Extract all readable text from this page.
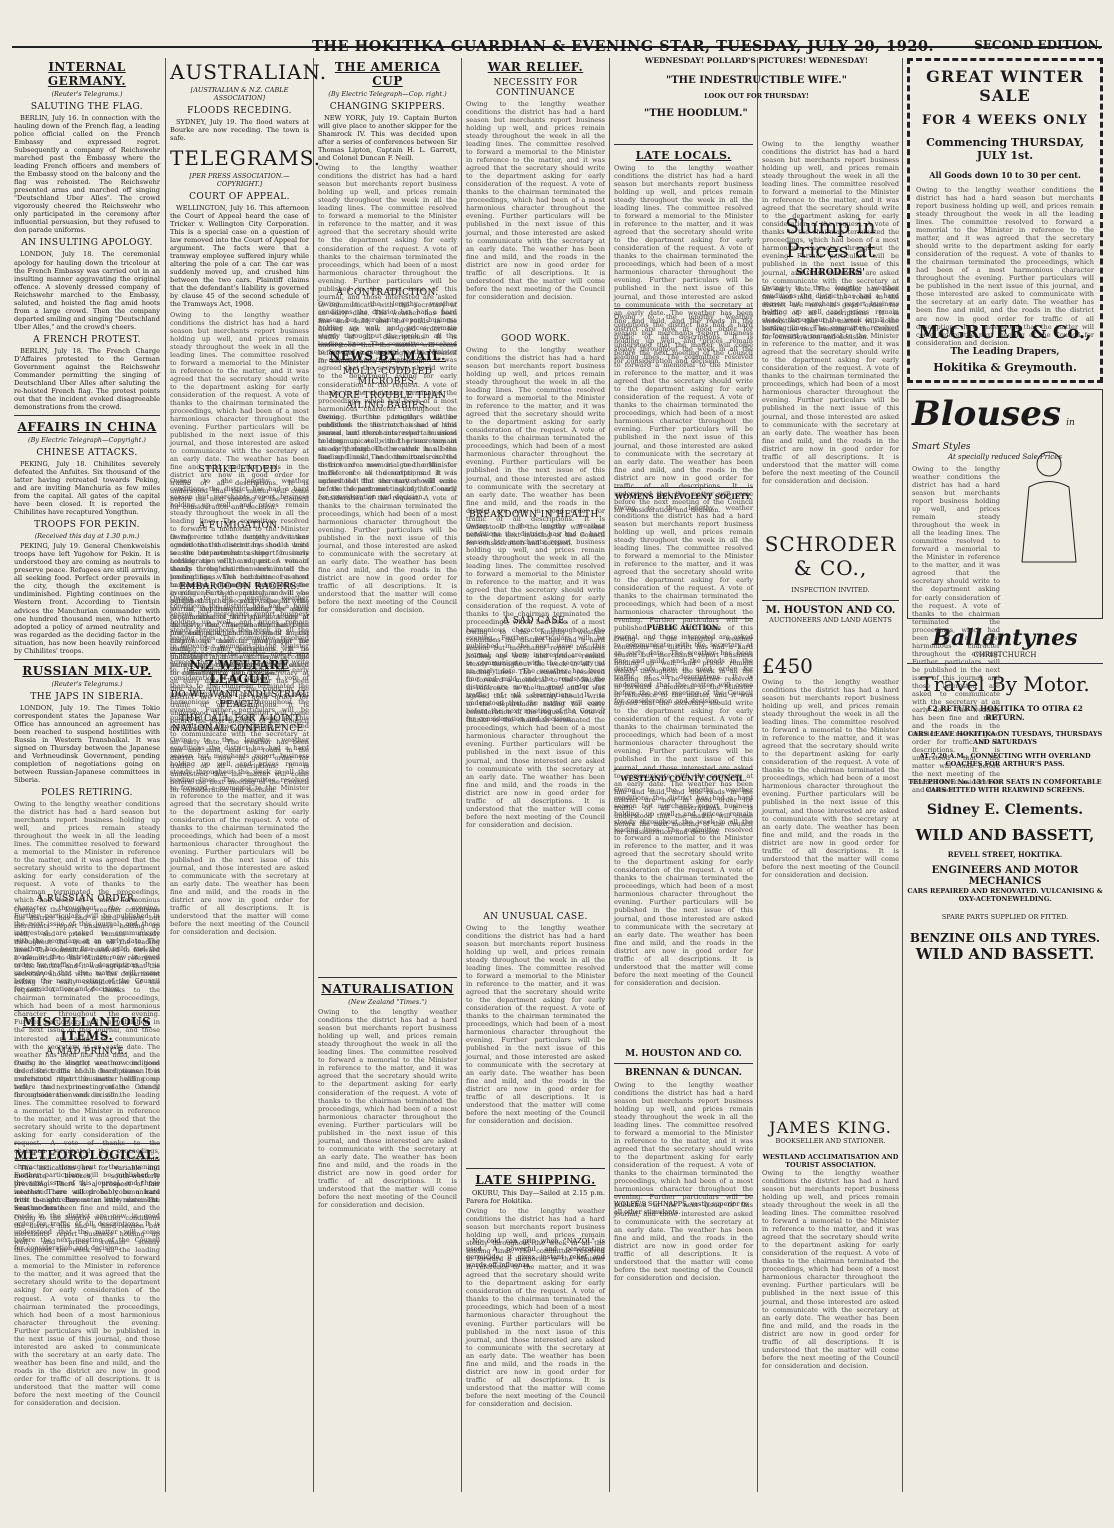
THE HOKITIKA GUARDIAN & EVENING STAR, TUESDAY, JULY 20, 1920.	SECOND EDITION.
INTERNAL GERMANY.
(Reuter's Telegrams.)
SALUTING THE FLAG.

BERLIN, July 16. In connection with the hauling down of the French flag, a leading police official called on the French Embassy and expressed regret. Subsequently a company of Reichswehr marched past the Embassy where the leading French officers and members of the Embassy stood on the balcony and the flag was rehoisted. The Reichswehr presented arms and marched off singing "Deutschland Uber Alles". The crowd vigorously cheered the Reichswehr who only participated in the ceremony after influential persuasion, but they refused to don parade uniforms.

AN INSULTING APOLOGY.

LONDON, July 18. The ceremonial apology for hauling down the tricolour at the French Embassy was carried out in an insulting manner aggravating the original offence. A slovenly dressed company of Reichswehr marched to the Embassy, saluted, and hoisted the flag amid hoots from a large crowd. Then the company departed smiling and singing "Deutschland Uber Alles," and the crowd's cheers.

A FRENCH PROTEST.

BERLIN, July 18. The French Charge D'Affaires protested to the German Government against the Reichswehr Commander permitting the singing of Deutschland Uber Alles after saluting the re-hoisted French flag. The protest points out that the incident evoked disagreeable demonstrations from the crowd.

AFFAIRS IN CHINA
(By Electric Telegraph—Copyright.)
CHINESE ATTACKS.

PEKING, July 18. Chihilites severely defeated the Anfuites. Six thousand of the latter having retreated towards Peking, and are inviting Manchuria as few miles from the capital. All gates of the capital have been closed. It is reported the Chihilites have recaptured Yongthun.

TROOPS FOR PEKIN.
(Received this day at 1.30 p.m.)

PEKING, July 19. General Chenkweishis troops have left Yugohow for Pekin. It is understood they are coming as neutrals to preserve peace. Refugees are still arriving, all seeking food. Perfect order prevails in the city, though the excitement is undiminished. Fighting continues on the Western front. According to Tientsin advices the Manchurian commander with one hundred thousand men, who hitherto adopted a policy of armed neutrality and was regarded as the deciding factor in the situation, has now been heavily reinforced by Chihilites' troops.

RUSSIAN MIX-UP.
(Reuter's Telegrams.)
THE JAPS IN SIBERIA.

LONDON, July 19. The Times Tokio correspondent states the Japanese War Office has announced an agreement has been reached to suspend hostilities with Russia in Western Transbaikal. It was signed on Thursday between the Japanese and Verhneudinsk Government, pending completion of negotiations going on between Russian-Japanese committees in Siberia.

POLES RETIRING.
Owing to the lengthy weather conditions the district has had a hard season but merchants report business holding up well, and prices remain steady throughout the week in all the leading lines. The committee resolved to forward a memorial to the Minister in reference to the matter, and it was agreed that the secretary should write to the department asking for early consideration of the request. A vote of thanks to the chairman terminated the proceedings, which had been of a most harmonious character throughout the evening. Further particulars will be published in the next issue of this journal, and those interested are asked to communicate with the secretary at an early date. The weather has been fine and mild, and the roads in the district are now in good order for traffic of all descriptions. It is understood that the matter will come before the next meeting of the Council for consideration and decision.
A RUSSIAN ORDER.
Owing to the lengthy weather conditions the district has had a hard season but merchants report business holding up well, and prices remain steady throughout the week in all the leading lines. The committee resolved to forward a memorial to the Minister in reference to the matter, and it was agreed that the secretary should write to the department asking for early consideration of the request. A vote of thanks to the chairman terminated the proceedings, which had been of a most harmonious character throughout the evening. Further particulars will be published in the next issue of this journal, and those interested are asked to communicate with the secretary at an early date. The weather has been fine and mild, and the roads in the district are now in good order for traffic of all descriptions. It is understood that the matter will come before the next meeting of the Council for consideration and decision.
MISCELLANEOUS ITEMS.
A MAD PRINCE.
Owing to the lengthy weather conditions the district has had a hard season but merchants report business holding up well, and prices remain steady throughout the week in all the leading lines. The committee resolved to forward a memorial to the Minister in reference to the matter, and it was agreed that the secretary should write to the department asking for early consideration of the request. A vote of thanks to the chairman terminated the proceedings, which had been of a most harmonious character throughout the evening. Further particulars will be published in the next issue of this journal, and those interested are asked to communicate with the secretary at an early date. The weather has been fine and mild, and the roads in the district are now in good order for traffic of all descriptions. It is understood that the matter will come before the next meeting of the Council for consideration and decision.
METEOROLOGICAL.

The indications are for variable and moderate breezes, south-westerly prevailing. There is a prospect of fair weather. There will probably be a hard frost to-night. Barometer little movement. Seas moderate.

Owing to the lengthy weather conditions the district has had a hard season but merchants report business holding up well, and prices remain steady throughout the week in all the leading lines. The committee resolved to forward a memorial to the Minister in reference to the matter, and it was agreed that the secretary should write to the department asking for early consideration of the request. A vote of thanks to the chairman terminated the proceedings, which had been of a most harmonious character throughout the evening. Further particulars will be published in the next issue of this journal, and those interested are asked to communicate with the secretary at an early date. The weather has been fine and mild, and the roads in the district are now in good order for traffic of all descriptions. It is understood that the matter will come before the next meeting of the Council for consideration and decision.
AUSTRALIAN.
[AUSTRALIAN & N.Z. CABLE ASSOCIATION]
FLOODS RECEDING.

SYDNEY, July 19. The flood waters at Bourke are now receding. The town is safe.

TELEGRAMS.
[PER PRESS ASSOCIATION.—COPYRIGHT.]
COURT OF APPEAL.

WELLINGTON, July 16. This afternoon the Court of Appeal heard the case of Tricker v. Wellington City Corporation. This is a special case on a question of law removed into the Court of Appeal for argument. The facts were that a tramway employee suffered injury while altering the pole of a car. The car was suddenly moved up, and crushed him between the two cars. Plaintiff claims that the defendant's liability is governed by clause 45 of the second schedule of the Tramways Act, 1908.

Owing to the lengthy weather conditions the district has had a hard season but merchants report business holding up well, and prices remain steady throughout the week in all the leading lines. The committee resolved to forward a memorial to the Minister in reference to the matter, and it was agreed that the secretary should write to the department asking for early consideration of the request. A vote of thanks to the chairman terminated the proceedings, which had been of a most harmonious character throughout the evening. Further particulars will be published in the next issue of this journal, and those interested are asked to communicate with the secretary at an early date. The weather has been fine and mild, and the roads in the district are now in good order for traffic of all descriptions. It is understood that the matter will come before the next meeting of the Council for consideration and decision.
STRIKE ENDED.
Owing to the lengthy weather conditions the district has had a hard season but merchants report business holding up well, and prices remain steady throughout the week in all the leading lines. The committee resolved to forward a memorial to the Minister in reference to the matter, and it was agreed that the secretary should write to the department asking for early consideration of the request. A vote of thanks to the chairman terminated the proceedings, which had been of a most harmonious character throughout the evening. Further particulars will be published in the next issue of this journal, and those interested are asked to communicate with the secretary at an early date. The weather has been fine and mild, and the roads in the district are now in good order for traffic of all descriptions. It is understood that the matter will come before the next meeting of the Council for consideration and decision.
A FUMIGATION.
Owing to the lengthy weather conditions the district has had a hard season but merchants report business holding up well, and prices remain steady throughout the week in all the leading lines. The committee resolved to forward a memorial to the Minister in reference to the matter, and it was agreed that the secretary should write to the department asking for early consideration of the request. A vote of thanks to the chairman terminated the proceedings, which had been of a most harmonious character throughout the evening. Further particulars will be published in the next issue of this journal, and those interested are asked to communicate with the secretary at an early date. The weather has been fine and mild, and the roads in the district are now in good order for traffic of all descriptions. It is understood that the matter will come before the next meeting of the Council for consideration and decision.
EMBARGO ON RACERS.
Owing to the lengthy weather conditions the district has had a hard season but merchants report business holding up well, and prices remain steady throughout the week in all the leading lines. The committee resolved to forward a memorial to the Minister in reference to the matter, and it was agreed that the secretary should write to the department asking for early consideration of the request. A vote of thanks to the chairman terminated the proceedings, which had been of a most harmonious character throughout the evening. Further particulars will be published in the next issue of this journal, and those interested are asked to communicate with the secretary at an early date. The weather has been fine and mild, and the roads in the district are now in good order for traffic of all descriptions. It is understood that the matter will come before the next meeting of the Council for consideration and decision.
N.Z WELFARE LEAGUE
DO WE WANT INDUSTRIAL PEACE?
THE CALL FOR A JOINT NATIONAL CONFERENCE.
Owing to the lengthy weather conditions the district has had a hard season but merchants report business holding up well, and prices remain steady throughout the week in all the leading lines. The committee resolved to forward a memorial to the Minister in reference to the matter, and it was agreed that the secretary should write to the department asking for early consideration of the request. A vote of thanks to the chairman terminated the proceedings, which had been of a most harmonious character throughout the evening. Further particulars will be published in the next issue of this journal, and those interested are asked to communicate with the secretary at an early date. The weather has been fine and mild, and the roads in the district are now in good order for traffic of all descriptions. It is understood that the matter will come before the next meeting of the Council for consideration and decision.
THE AMERICA CUP
(By Electric Telegraph—Cop. right.)
CHANGING SKIPPERS.

NEW YORK, July 19. Captain Burton will give place to another skipper for the Shamrock IV. This was decided upon after a series of conferences between Sir Thomas Lipton, Captain H. L. Garrett, and Colonel Duncan F. Neill.

Owing to the lengthy weather conditions the district has had a hard season but merchants report business holding up well, and prices remain steady throughout the week in all the leading lines. The committee resolved to forward a memorial to the Minister in reference to the matter, and it was agreed that the secretary should write to the department asking for early consideration of the request. A vote of thanks to the chairman terminated the proceedings, which had been of a most harmonious character throughout the evening. Further particulars will be published in the next issue of this journal, and those interested are asked to communicate with the secretary at an early date. The weather has been fine and mild, and the roads in the district are now in good order for traffic of all descriptions. It is understood that the matter will come before the next meeting of the Council for consideration and decision.
A CONTRADICTION.
Owing to the lengthy weather conditions the district has had a hard season but merchants report business holding up well, and prices remain steady throughout the week in all the leading lines. The committee resolved to forward a memorial to the Minister in reference to the matter, and it was agreed that the secretary should write to the department asking for early consideration of the request. A vote of thanks to the chairman terminated the proceedings, which had been of a most harmonious character throughout the evening. Further particulars will be published in the next issue of this journal, and those interested are asked to communicate with the secretary at an early date. The weather has been fine and mild, and the roads in the district are now in good order for traffic of all descriptions. It is understood that the matter will come before the next meeting of the Council for consideration and decision.
NEWS BY MAIL.
MOLLY-CODDLED MICROBES.
MORE TROUBLE THAN AILING BABIES.
Owing to the lengthy weather conditions the district has had a hard season but merchants report business holding up well, and prices remain steady throughout the week in all the leading lines. The committee resolved to forward a memorial to the Minister in reference to the matter, and it was agreed that the secretary should write to the department asking for early consideration of the request. A vote of thanks to the chairman terminated the proceedings, which had been of a most harmonious character throughout the evening. Further particulars will be published in the next issue of this journal, and those interested are asked to communicate with the secretary at an early date. The weather has been fine and mild, and the roads in the district are now in good order for traffic of all descriptions. It is understood that the matter will come before the next meeting of the Council for consideration and decision.
NATURALISATION
(New Zealand "Times.")
Owing to the lengthy weather conditions the district has had a hard season but merchants report business holding up well, and prices remain steady throughout the week in all the leading lines. The committee resolved to forward a memorial to the Minister in reference to the matter, and it was agreed that the secretary should write to the department asking for early consideration of the request. A vote of thanks to the chairman terminated the proceedings, which had been of a most harmonious character throughout the evening. Further particulars will be published in the next issue of this journal, and those interested are asked to communicate with the secretary at an early date. The weather has been fine and mild, and the roads in the district are now in good order for traffic of all descriptions. It is understood that the matter will come before the next meeting of the Council for consideration and decision.
WAR RELIEF.
NECESSITY FOR CONTINUANCE
Owing to the lengthy weather conditions the district has had a hard season but merchants report business holding up well, and prices remain steady throughout the week in all the leading lines. The committee resolved to forward a memorial to the Minister in reference to the matter, and it was agreed that the secretary should write to the department asking for early consideration of the request. A vote of thanks to the chairman terminated the proceedings, which had been of a most harmonious character throughout the evening. Further particulars will be published in the next issue of this journal, and those interested are asked to communicate with the secretary at an early date. The weather has been fine and mild, and the roads in the district are now in good order for traffic of all descriptions. It is understood that the matter will come before the next meeting of the Council for consideration and decision.
GOOD WORK.
Owing to the lengthy weather conditions the district has had a hard season but merchants report business holding up well, and prices remain steady throughout the week in all the leading lines. The committee resolved to forward a memorial to the Minister in reference to the matter, and it was agreed that the secretary should write to the department asking for early consideration of the request. A vote of thanks to the chairman terminated the proceedings, which had been of a most harmonious character throughout the evening. Further particulars will be published in the next issue of this journal, and those interested are asked to communicate with the secretary at an early date. The weather has been fine and mild, and the roads in the district are now in good order for traffic of all descriptions. It is understood that the matter will come before the next meeting of the Council for consideration and decision.
BREAKDOWN IN HEALTH.
Owing to the lengthy weather conditions the district has had a hard season but merchants report business holding up well, and prices remain steady throughout the week in all the leading lines. The committee resolved to forward a memorial to the Minister in reference to the matter, and it was agreed that the secretary should write to the department asking for early consideration of the request. A vote of thanks to the chairman terminated the proceedings, which had been of a most harmonious character throughout the evening. Further particulars will be published in the next issue of this journal, and those interested are asked to communicate with the secretary at an early date. The weather has been fine and mild, and the roads in the district are now in good order for traffic of all descriptions. It is understood that the matter will come before the next meeting of the Council for consideration and decision.
A SAD CASE.
Owing to the lengthy weather conditions the district has had a hard season but merchants report business holding up well, and prices remain steady throughout the week in all the leading lines. The committee resolved to forward a memorial to the Minister in reference to the matter, and it was agreed that the secretary should write to the department asking for early consideration of the request. A vote of thanks to the chairman terminated the proceedings, which had been of a most harmonious character throughout the evening. Further particulars will be published in the next issue of this journal, and those interested are asked to communicate with the secretary at an early date. The weather has been fine and mild, and the roads in the district are now in good order for traffic of all descriptions. It is understood that the matter will come before the next meeting of the Council for consideration and decision.
AN UNUSUAL CASE.
Owing to the lengthy weather conditions the district has had a hard season but merchants report business holding up well, and prices remain steady throughout the week in all the leading lines. The committee resolved to forward a memorial to the Minister in reference to the matter, and it was agreed that the secretary should write to the department asking for early consideration of the request. A vote of thanks to the chairman terminated the proceedings, which had been of a most harmonious character throughout the evening. Further particulars will be published in the next issue of this journal, and those interested are asked to communicate with the secretary at an early date. The weather has been fine and mild, and the roads in the district are now in good order for traffic of all descriptions. It is understood that the matter will come before the next meeting of the Council for consideration and decision.
LATE SHIPPING.

OKURU, This Day—Sailed at 2.15 p.m. Parera for Hokitika.

Owing to the lengthy weather conditions the district has had a hard season but merchants report business holding up well, and prices remain steady throughout the week in all the leading lines. The committee resolved to forward a memorial to the Minister in reference to the matter, and it was agreed that the secretary should write to the department asking for early consideration of the request. A vote of thanks to the chairman terminated the proceedings, which had been of a most harmonious character throughout the evening. Further particulars will be published in the next issue of this journal, and those interested are asked to communicate with the secretary at an early date. The weather has been fine and mild, and the roads in the district are now in good order for traffic of all descriptions. It is understood that the matter will come before the next meeting of the Council for consideration and decision.

No cold can grip when "NAZOL" is used. A powerful and penetrating germicide, it gives instant relief and wards off influenza.

WEDNESDAY! POLLARD'S PICTURES! WEDNESDAY!
"THE INDESTRUCTIBLE WIFE."
LOOK OUT FOR THURSDAY!
"THE HOODLUM."
LATE LOCALS.
Owing to the lengthy weather conditions the district has had a hard season but merchants report business holding up well, and prices remain steady throughout the week in all the leading lines. The committee resolved to forward a memorial to the Minister in reference to the matter, and it was agreed that the secretary should write to the department asking for early consideration of the request. A vote of thanks to the chairman terminated the proceedings, which had been of a most harmonious character throughout the evening. Further particulars will be published in the next issue of this journal, and those interested are asked to communicate with the secretary at an early date. The weather has been fine and mild, and the roads in the district are now in good order for traffic of all descriptions. It is understood that the matter will come before the next meeting of the Council for consideration and decision.
Owing to the lengthy weather conditions the district has had a hard season but merchants report business holding up well, and prices remain steady throughout the week in all the leading lines. The committee resolved to forward a memorial to the Minister in reference to the matter, and it was agreed that the secretary should write to the department asking for early consideration of the request. A vote of thanks to the chairman terminated the proceedings, which had been of a most harmonious character throughout the evening. Further particulars will be published in the next issue of this journal, and those interested are asked to communicate with the secretary at an early date. The weather has been fine and mild, and the roads in the district are now in good order for traffic of all descriptions. It is understood that the matter will come before the next meeting of the Council for consideration and decision.
WOMENS BENEVOLENT SOCIETY.
Owing to the lengthy weather conditions the district has had a hard season but merchants report business holding up well, and prices remain steady throughout the week in all the leading lines. The committee resolved to forward a memorial to the Minister in reference to the matter, and it was agreed that the secretary should write to the department asking for early consideration of the request. A vote of thanks to the chairman terminated the proceedings, which had been of a most harmonious character throughout the evening. Further particulars will be published in the next issue of this journal, and those interested are asked to communicate with the secretary at an early date. The weather has been fine and mild, and the roads in the district are now in good order for traffic of all descriptions. It is understood that the matter will come before the next meeting of the Council for consideration and decision.
PUBLIC AUCTION.
Owing to the lengthy weather conditions the district has had a hard season but merchants report business holding up well, and prices remain steady throughout the week in all the leading lines. The committee resolved to forward a memorial to the Minister in reference to the matter, and it was agreed that the secretary should write to the department asking for early consideration of the request. A vote of thanks to the chairman terminated the proceedings, which had been of a most harmonious character throughout the evening. Further particulars will be published in the next issue of this journal, and those interested are asked to communicate with the secretary at an early date. The weather has been fine and mild, and the roads in the district are now in good order for traffic of all descriptions. It is understood that the matter will come before the next meeting of the Council for consideration and decision.
WESTLAND COUNTY COUNCIL.
Owing to the lengthy weather conditions the district has had a hard season but merchants report business holding up well, and prices remain steady throughout the week in all the leading lines. The committee resolved to forward a memorial to the Minister in reference to the matter, and it was agreed that the secretary should write to the department asking for early consideration of the request. A vote of thanks to the chairman terminated the proceedings, which had been of a most harmonious character throughout the evening. Further particulars will be published in the next issue of this journal, and those interested are asked to communicate with the secretary at an early date. The weather has been fine and mild, and the roads in the district are now in good order for traffic of all descriptions. It is understood that the matter will come before the next meeting of the Council for consideration and decision.
M. HOUSTON AND CO.
BRENNAN & DUNCAN.
Owing to the lengthy weather conditions the district has had a hard season but merchants report business holding up well, and prices remain steady throughout the week in all the leading lines. The committee resolved to forward a memorial to the Minister in reference to the matter, and it was agreed that the secretary should write to the department asking for early consideration of the request. A vote of thanks to the chairman terminated the proceedings, which had been of a most harmonious character throughout the evening. Further particulars will be published in the next issue of this journal, and those interested are asked to communicate with the secretary at an early date. The weather has been fine and mild, and the roads in the district are now in good order for traffic of all descriptions. It is understood that the matter will come before the next meeting of the Council for consideration and decision.
WOLFE'S SCHNAPPS, vastly superior to all other stimulants.
Owing to the lengthy weather conditions the district has had a hard season but merchants report business holding up well, and prices remain steady throughout the week in all the leading lines. The committee resolved to forward a memorial to the Minister in reference to the matter, and it was agreed that the secretary should write to the department asking for early consideration of the request. A vote of thanks to the chairman terminated the proceedings, which had been of a most harmonious character throughout the evening. Further particulars will be published in the next issue of this journal, and those interested are asked to communicate with the secretary at an early date. The weather has been fine and mild, and the roads in the district are now in good order for traffic of all descriptions. It is understood that the matter will come before the next meeting of the Council for consideration and decision.
Slump in
Prices at
SCHRODERS'
Owing to the lengthy weather conditions the district has had a hard season but merchants report business holding up well, and prices remain steady throughout the week in all the leading lines. The committee resolved to forward a memorial to the Minister in reference to the matter, and it was agreed that the secretary should write to the department asking for early consideration of the request. A vote of thanks to the chairman terminated the proceedings, which had been of a most harmonious character throughout the evening. Further particulars will be published in the next issue of this journal, and those interested are asked to communicate with the secretary at an early date. The weather has been fine and mild, and the roads in the district are now in good order for traffic of all descriptions. It is understood that the matter will come before the next meeting of the Council for consideration and decision.
SCHRODER
& CO.,
INSPECTION INVITED.
M. HOUSTON AND CO.
AUCTIONEERS AND LAND AGENTS
£450
Owing to the lengthy weather conditions the district has had a hard season but merchants report business holding up well, and prices remain steady throughout the week in all the leading lines. The committee resolved to forward a memorial to the Minister in reference to the matter, and it was agreed that the secretary should write to the department asking for early consideration of the request. A vote of thanks to the chairman terminated the proceedings, which had been of a most harmonious character throughout the evening. Further particulars will be published in the next issue of this journal, and those interested are asked to communicate with the secretary at an early date. The weather has been fine and mild, and the roads in the district are now in good order for traffic of all descriptions. It is understood that the matter will come before the next meeting of the Council for consideration and decision.
JAMES KING.
BOOKSELLER AND STATIONER.
WESTLAND ACCLIMATISATION AND TOURIST ASSOCIATION.
Owing to the lengthy weather conditions the district has had a hard season but merchants report business holding up well, and prices remain steady throughout the week in all the leading lines. The committee resolved to forward a memorial to the Minister in reference to the matter, and it was agreed that the secretary should write to the department asking for early consideration of the request. A vote of thanks to the chairman terminated the proceedings, which had been of a most harmonious character throughout the evening. Further particulars will be published in the next issue of this journal, and those interested are asked to communicate with the secretary at an early date. The weather has been fine and mild, and the roads in the district are now in good order for traffic of all descriptions. It is understood that the matter will come before the next meeting of the Council for consideration and decision.
GREAT WINTER SALE
FOR 4 WEEKS ONLY
Commencing THURSDAY, JULY 1st.
All Goods down 10 to 30 per cent.
Owing to the lengthy weather conditions the district has had a hard season but merchants report business holding up well, and prices remain steady throughout the week in all the leading lines. The committee resolved to forward a memorial to the Minister in reference to the matter, and it was agreed that the secretary should write to the department asking for early consideration of the request. A vote of thanks to the chairman terminated the proceedings, which had been of a most harmonious character throughout the evening. Further particulars will be published in the next issue of this journal, and those interested are asked to communicate with the secretary at an early date. The weather has been fine and mild, and the roads in the district are now in good order for traffic of all descriptions. It is understood that the matter will come before the next meeting of the Council for consideration and decision.
McGRUER & Co.,
The Leading Drapers,
Hokitika & Greymouth.
Blouses in Smart Styles
At specially reduced Sale Prices
Owing to the lengthy weather conditions the district has had a hard season but merchants report business holding up well, and prices remain steady throughout the week in all the leading lines. The committee resolved to forward a memorial to the Minister in reference to the matter, and it was agreed that the secretary should write to the department asking for early consideration of the request. A vote of thanks to the chairman terminated the proceedings, which had been of a most harmonious character throughout the evening. Further particulars will be published in the next issue of this journal, and those interested are asked to communicate with the secretary at an early date. The weather has been fine and mild, and the roads in the district are now in good order for traffic of all descriptions. It is understood that the matter will come before the next meeting of the Council for consideration and decision.
Ballantynes
CHRISTCHURCH
Travel By Motor.
£2 RETURN HOKITIKA TO OTIRA £2 RETURN.
CARS LEAVE HOKITIKA ON TUESDAYS, THURSDAYS AND SATURDAYS
AT 7.20 A.M., CONNECTING WITH OVERLAND COACHES FOR ARTHUR'S PASS.
TELEPHONE No. 131 FOR SEATS IN COMFORTABLE CARS FITTED WITH REARWIND SCREENS.
Sidney E. Clements.
WILD AND BASSETT,
REVELL STREET, HOKITIKA.
ENGINEERS AND MOTOR MECHANICS
CARS REPAIRED AND RENOVATED. VULCANISING & OXY-ACETONEWELDING.
SPARE PARTS SUPPLIED OR FITTED.
BENZINE OILS AND TYRES.
WILD AND BASSETT.
